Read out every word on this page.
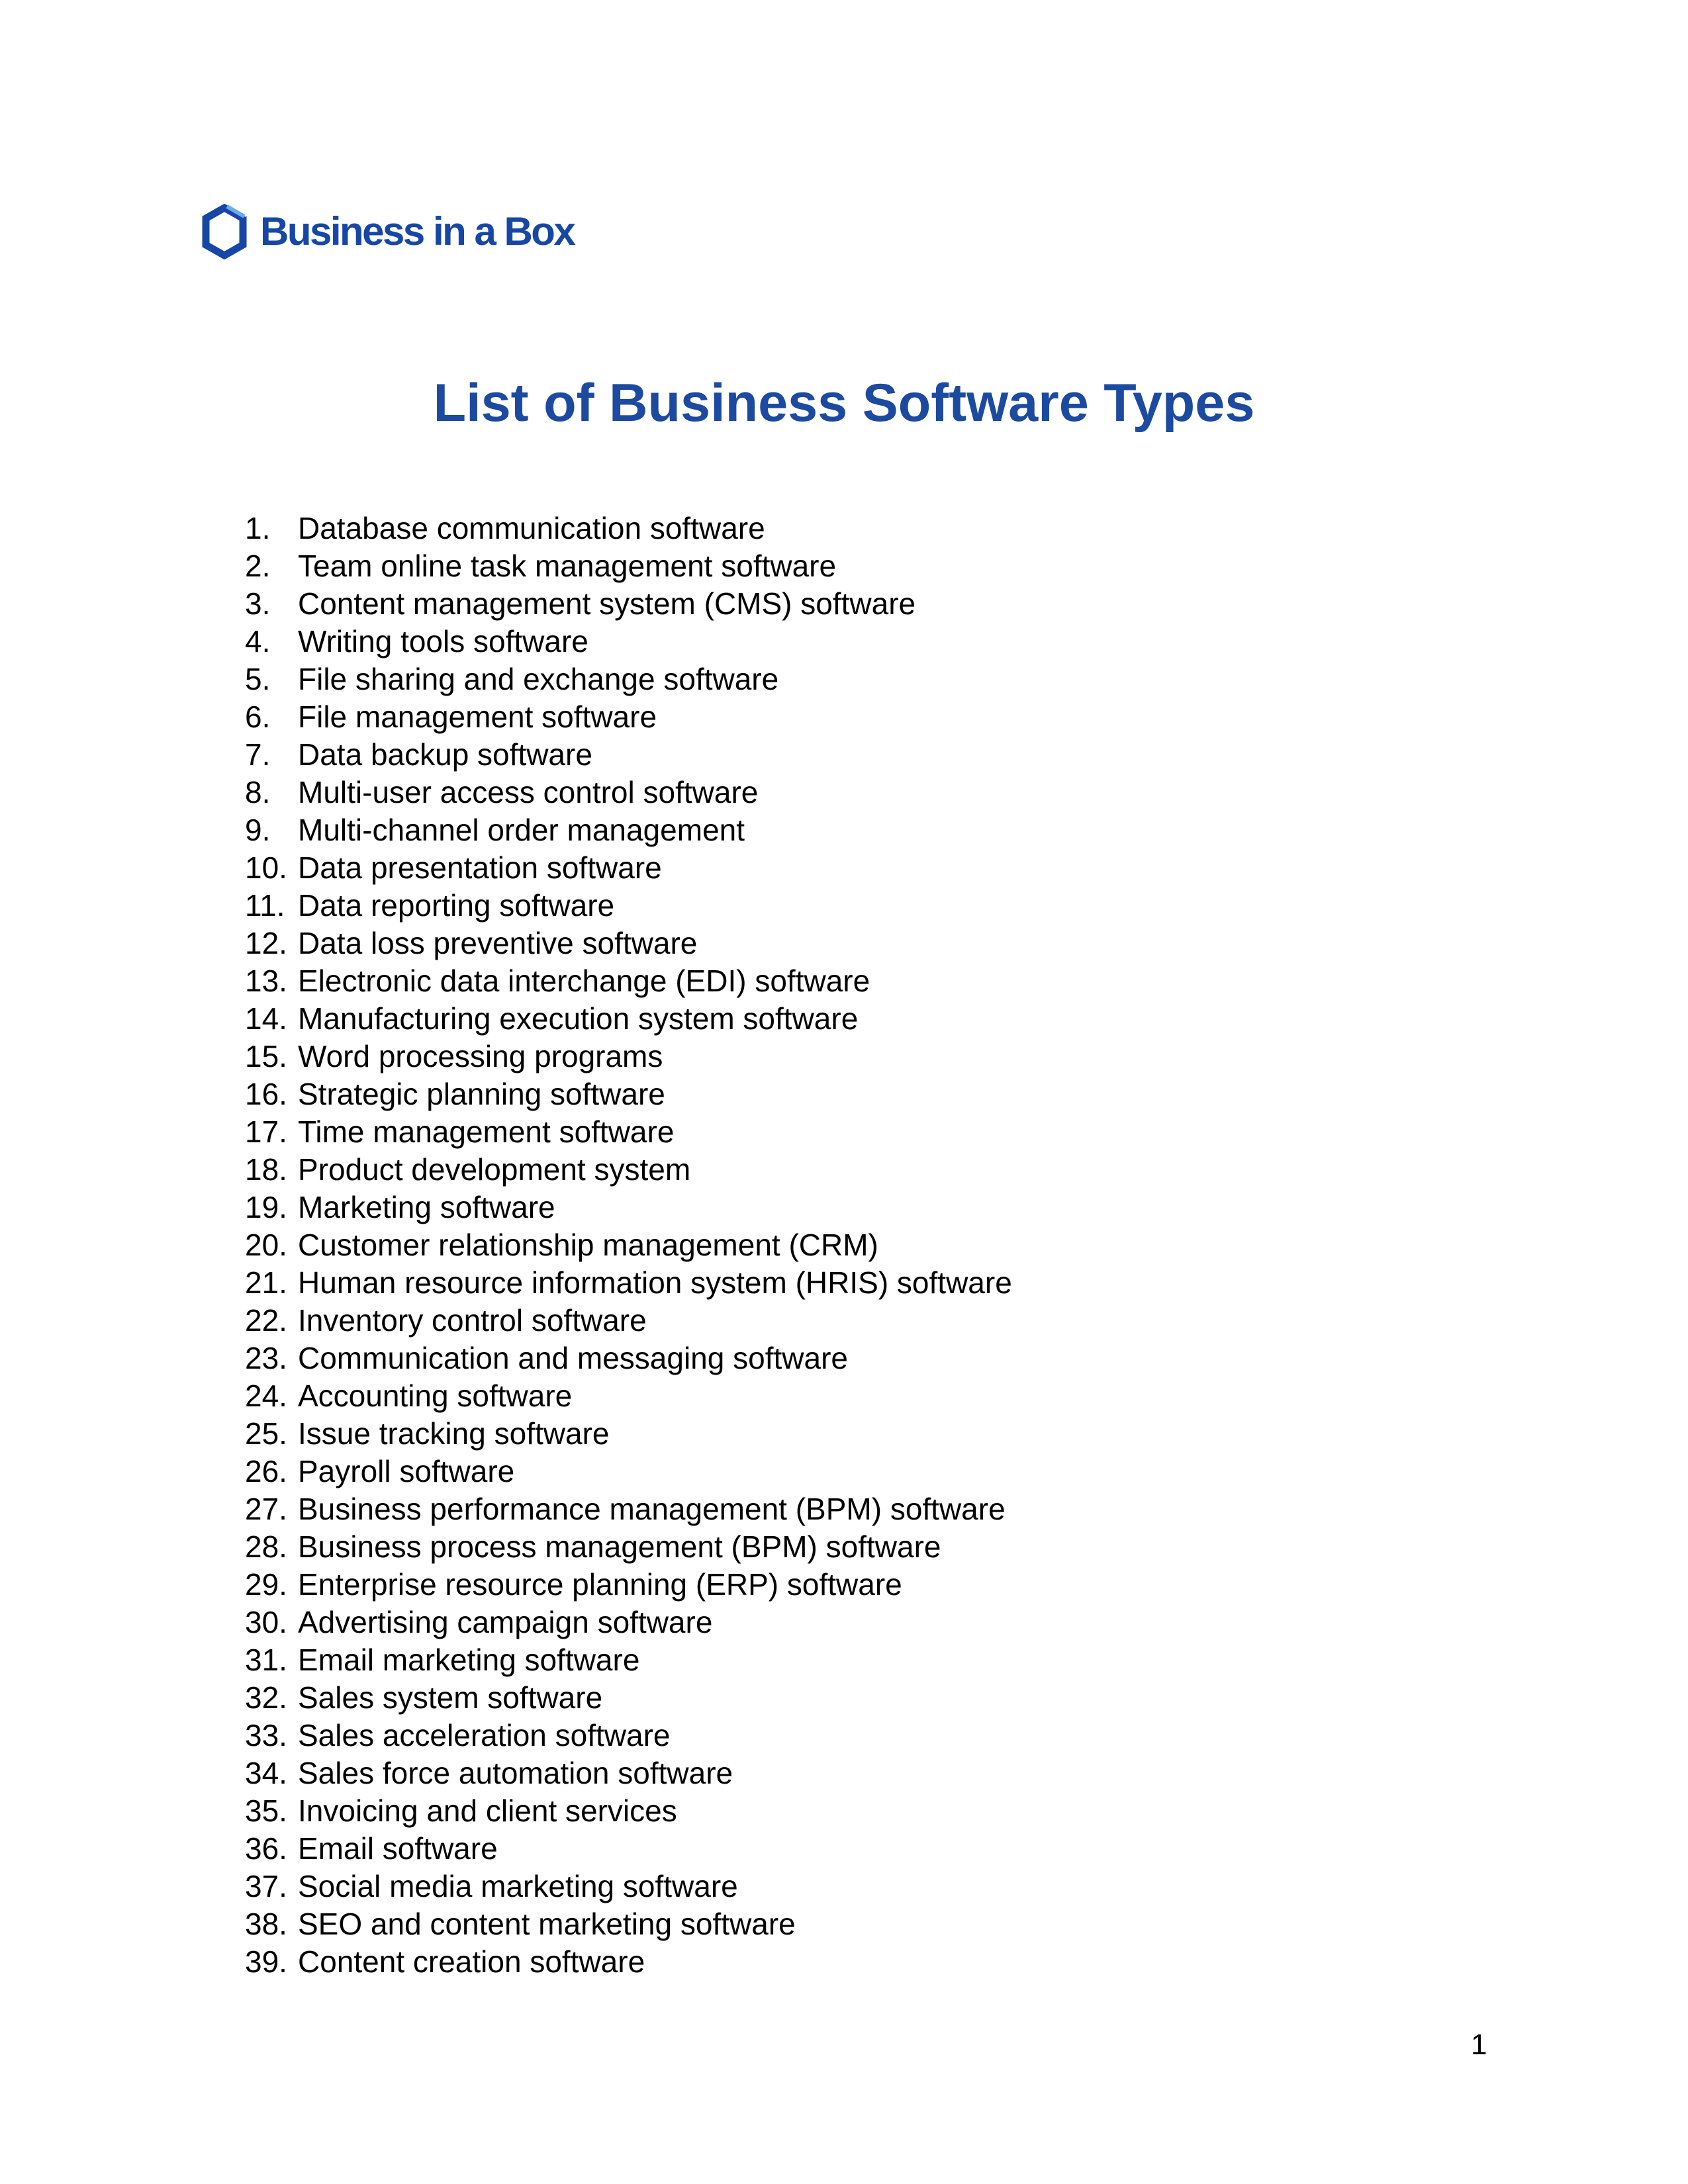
Business in a Box
List of Business Software Types
1. Database communication software
2. Team online task management software
3. Content management system (CMS) software
4. Writing tools software
5. File sharing and exchange software
6. File management software
7. Data backup software
8. Multi-user access control software
9. Multi-channel order management
10. Data presentation software
11. Data reporting software
12. Data loss preventive software
13. Electronic data interchange (EDI) software
14. Manufacturing execution system software
15. Word processing programs
16. Strategic planning software
17. Time management software
18. Product development system
19. Marketing software
20. Customer relationship management (CRM)
21. Human resource information system (HRIS) software
22. Inventory control software
23. Communication and messaging software
24. Accounting software
25. Issue tracking software
26. Payroll software
27. Business performance management (BPM) software
28. Business process management (BPM) software
29. Enterprise resource planning (ERP) software
30. Advertising campaign software
31. Email marketing software
32. Sales system software
33. Sales acceleration software
34. Sales force automation software
35. Invoicing and client services
36. Email software
37. Social media marketing software
38. SEO and content marketing software
39. Content creation software
1
